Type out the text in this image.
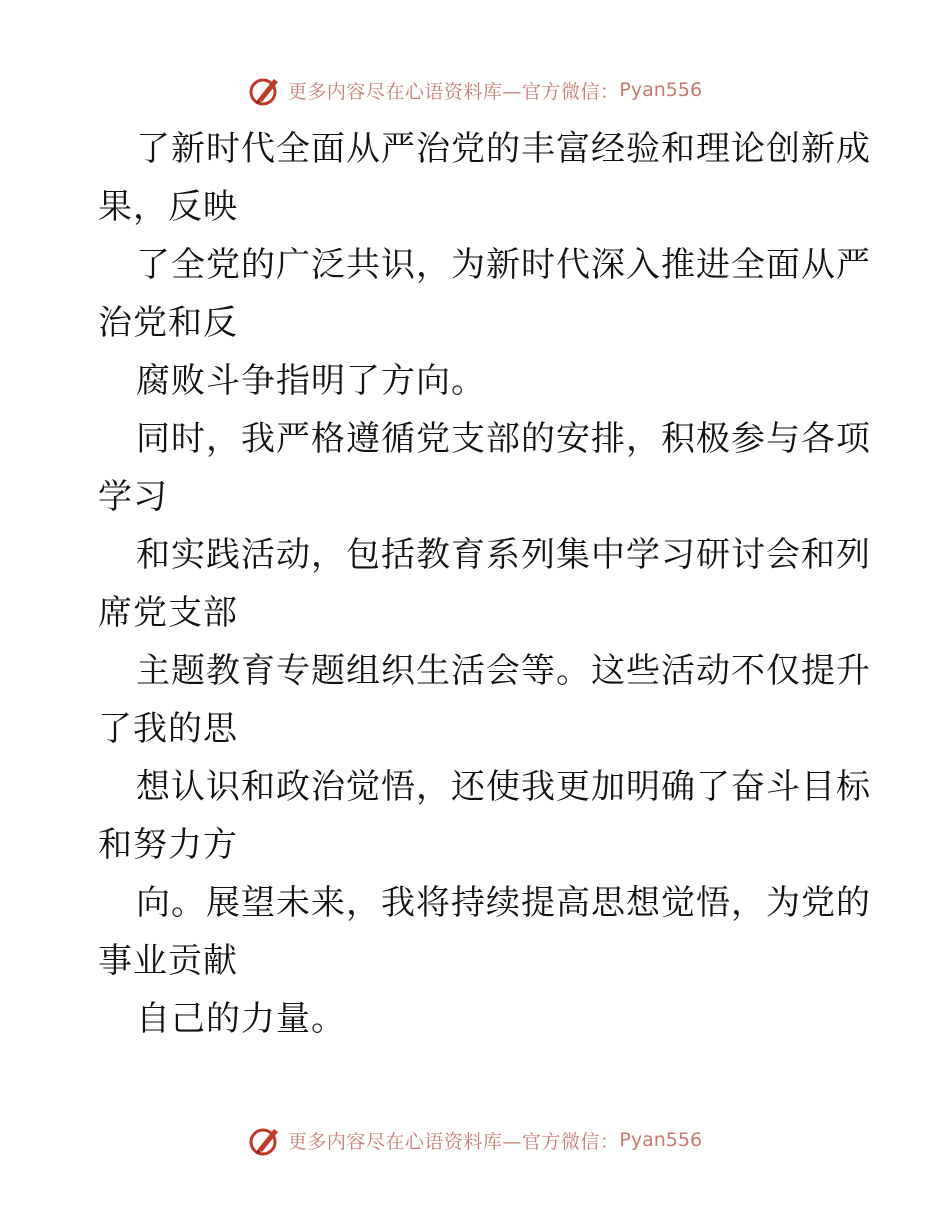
更多内容尽在心语资料库—官方微信： Pyan556
了新时代全面从严治党的丰富经验和理论创新成
果，反映
了全党的广泛共识，为新时代深入推进全面从严
治党和反
腐败斗争指明了方向。
同时，我严格遵循党支部的安排，积极参与各项
学习
和实践活动，包括教育系列集中学习研讨会和列
席党支部
主题教育专题组织生活会等。这些活动不仅提升
了我的思
想认识和政治觉悟，还使我更加明确了奋斗目标
和努力方
向。展望未来，我将持续提高思想觉悟，为党的
事业贡献
自己的力量。
更多内容尽在心语资料库—官方微信： Pyan556
